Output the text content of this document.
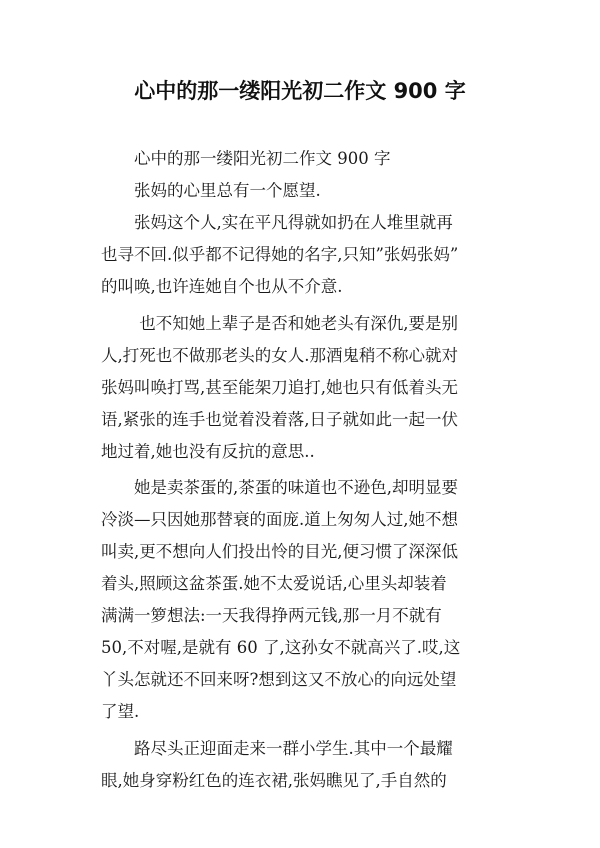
心中的那一缕阳光初二作文 900 字

　　心中的那一缕阳光初二作文 900 字

　　张妈的心里总有一个愿望.

　　张妈这个人,实在平凡得就如扔在人堆里就再

也寻不回.似乎都不记得她的名字,只知”张妈张妈”

的叫唤,也许连她自个也从不介意.

　　 也不知她上辈子是否和她老头有深仇,要是别

人,打死也不做那老头的女人.那酒鬼稍不称心就对

张妈叫唤打骂,甚至能架刀追打,她也只有低着头无

语,紧张的连手也觉着没着落,日子就如此一起一伏

地过着,她也没有反抗的意思..

　　她是卖茶蛋的,茶蛋的味道也不逊色,却明显要

冷淡—只因她那替衰的面庞.道上匆匆人过,她不想

叫卖,更不想向人们投出怜的目光,便习惯了深深低

着头,照顾这盆茶蛋.她不太爱说话,心里头却装着

满满一箩想法:一天我得挣两元钱,那一月不就有

50,不对喔,是就有 60 了,这孙女不就高兴了.哎,这

丫头怎就还不回来呀?想到这又不放心的向远处望

了望.

　　路尽头正迎面走来一群小学生.其中一个最耀

眼,她身穿粉红色的连衣裙,张妈瞧见了,手自然的
